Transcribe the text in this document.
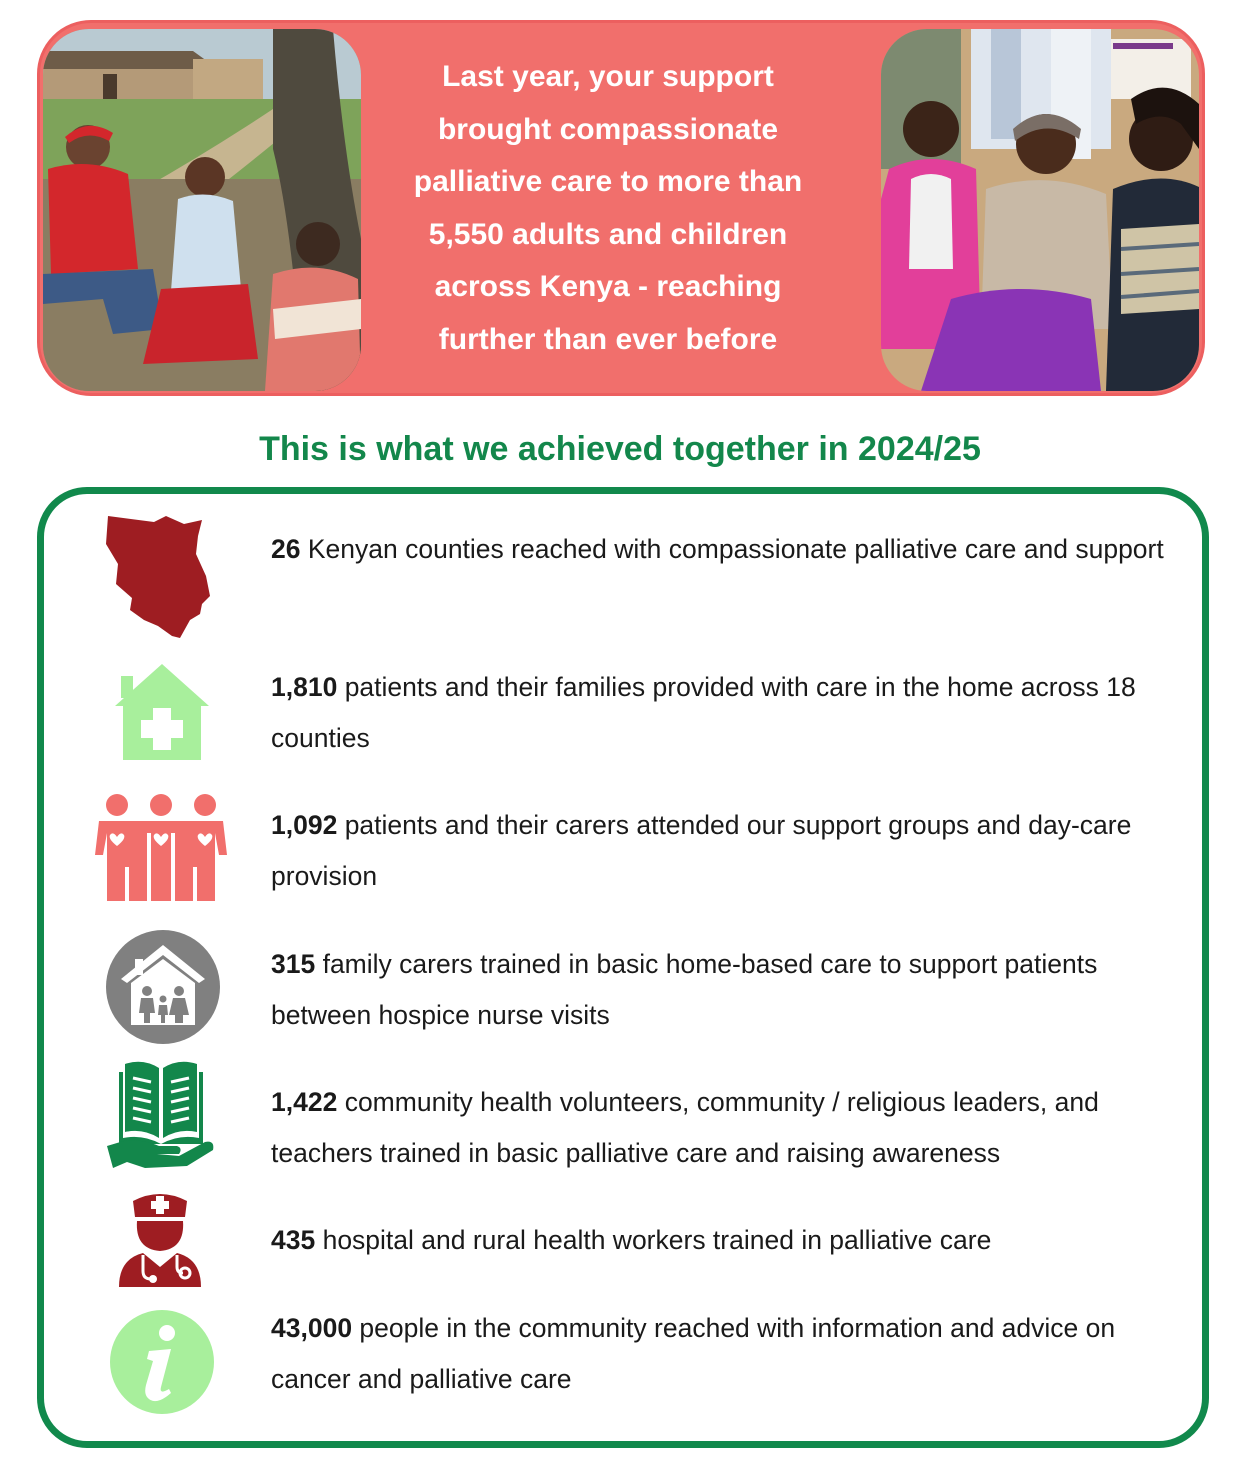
Last year, your support
brought compassionate
palliative care to more than
5,550 adults and children
across Kenya - reaching
further than ever before
This is what we achieved together in 2024/25
26 Kenyan counties reached with compassionate palliative care and support
1,810 patients and their families provided with care in the home across 18 counties
1,092 patients and their carers attended our support groups and day-care provision
315 family carers trained in basic home-based care to support patients between hospice nurse visits
1,422 community health volunteers, community / religious leaders, and teachers trained in basic palliative care and raising awareness
435 hospital and rural health workers trained in palliative care
43,000 people in the community reached with information and advice on cancer and palliative care
